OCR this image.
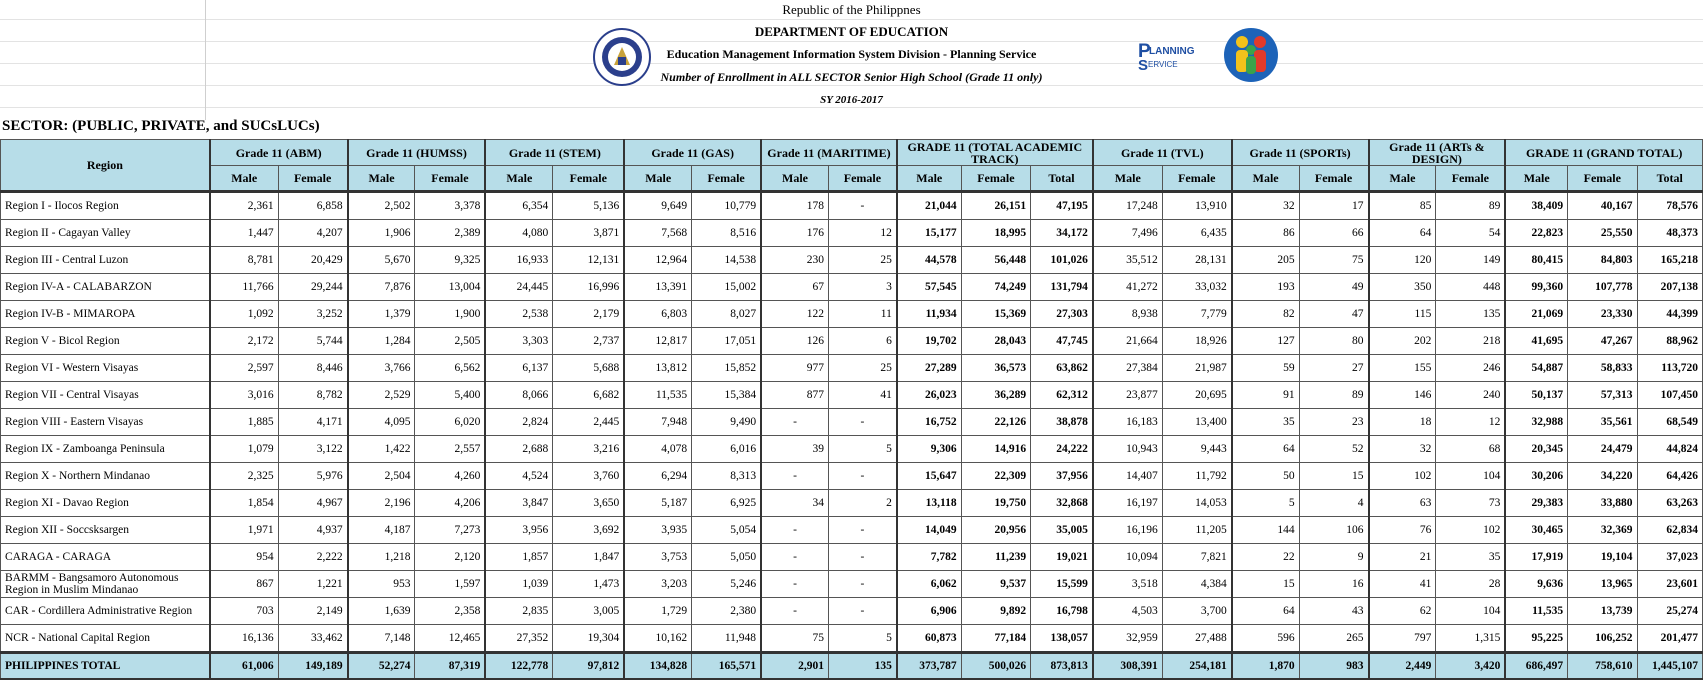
Republic of the Philippnes
DEPARTMENT OF EDUCATION
Education Management Information System Division - Planning Service
Number of Enrollment in ALL SECTOR Senior High School (Grade 11 only)
SY 2016-2017
P
LANNING
S ERVICE
SECTOR: (PUBLIC, PRIVATE, and SUCsLUCs)
Region	Grade 11 (ABM)		Grade 11 (HUMSS)		Grade 11 (STEM)		Grade 11 (GAS)		Grade 11 (MARITIME)		GRADE 11 (TOTAL ACADEMIC TRACK)			Grade 11 (TVL)		Grade 11 (SPORTs)		Grade 11 (ARTs & DESIGN)		GRADE 11 (GRAND TOTAL)		
	Male	Female	Male	Female	Male	Female	Male	Female	Male	Female	Male	Female	Total	Male	Female	Male	Female	Male	Female	Male	Female	Total
Region I - Ilocos Region	2,361	6,858	2,502	3,378	6,354	5,136	9,649	10,779	178	-	21,044	26,151	47,195	17,248	13,910	32	17	85	89	38,409	40,167	78,576
Region II - Cagayan Valley	1,447	4,207	1,906	2,389	4,080	3,871	7,568	8,516	176	12	15,177	18,995	34,172	7,496	6,435	86	66	64	54	22,823	25,550	48,373
Region III - Central Luzon	8,781	20,429	5,670	9,325	16,933	12,131	12,964	14,538	230	25	44,578	56,448	101,026	35,512	28,131	205	75	120	149	80,415	84,803	165,218
Region IV-A - CALABARZON	11,766	29,244	7,876	13,004	24,445	16,996	13,391	15,002	67	3	57,545	74,249	131,794	41,272	33,032	193	49	350	448	99,360	107,778	207,138
Region IV-B - MIMAROPA	1,092	3,252	1,379	1,900	2,538	2,179	6,803	8,027	122	11	11,934	15,369	27,303	8,938	7,779	82	47	115	135	21,069	23,330	44,399
Region V - Bicol Region	2,172	5,744	1,284	2,505	3,303	2,737	12,817	17,051	126	6	19,702	28,043	47,745	21,664	18,926	127	80	202	218	41,695	47,267	88,962
Region VI - Western Visayas	2,597	8,446	3,766	6,562	6,137	5,688	13,812	15,852	977	25	27,289	36,573	63,862	27,384	21,987	59	27	155	246	54,887	58,833	113,720
Region VII - Central Visayas	3,016	8,782	2,529	5,400	8,066	6,682	11,535	15,384	877	41	26,023	36,289	62,312	23,877	20,695	91	89	146	240	50,137	57,313	107,450
Region VIII - Eastern Visayas	1,885	4,171	4,095	6,020	2,824	2,445	7,948	9,490	-	-	16,752	22,126	38,878	16,183	13,400	35	23	18	12	32,988	35,561	68,549
Region IX - Zamboanga Peninsula	1,079	3,122	1,422	2,557	2,688	3,216	4,078	6,016	39	5	9,306	14,916	24,222	10,943	9,443	64	52	32	68	20,345	24,479	44,824
Region X - Northern Mindanao	2,325	5,976	2,504	4,260	4,524	3,760	6,294	8,313	-	-	15,647	22,309	37,956	14,407	11,792	50	15	102	104	30,206	34,220	64,426
Region XI - Davao Region	1,854	4,967	2,196	4,206	3,847	3,650	5,187	6,925	34	2	13,118	19,750	32,868	16,197	14,053	5	4	63	73	29,383	33,880	63,263
Region XII - Soccsksargen	1,971	4,937	4,187	7,273	3,956	3,692	3,935	5,054	-	-	14,049	20,956	35,005	16,196	11,205	144	106	76	102	30,465	32,369	62,834
CARAGA - CARAGA	954	2,222	1,218	2,120	1,857	1,847	3,753	5,050	-	-	7,782	11,239	19,021	10,094	7,821	22	9	21	35	17,919	19,104	37,023
BARMM - Bangsamoro Autonomous Region in Muslim Mindanao	867	1,221	953	1,597	1,039	1,473	3,203	5,246	-	-	6,062	9,537	15,599	3,518	4,384	15	16	41	28	9,636	13,965	23,601
CAR - Cordillera Administrative Region	703	2,149	1,639	2,358	2,835	3,005	1,729	2,380	-	-	6,906	9,892	16,798	4,503	3,700	64	43	62	104	11,535	13,739	25,274
NCR - National Capital Region	16,136	33,462	7,148	12,465	27,352	19,304	10,162	11,948	75	5	60,873	77,184	138,057	32,959	27,488	596	265	797	1,315	95,225	106,252	201,477
PHILIPPINES TOTAL	61,006	149,189	52,274	87,319	122,778	97,812	134,828	165,571	2,901	135	373,787	500,026	873,813	308,391	254,181	1,870	983	2,449	3,420	686,497	758,610	1,445,107
